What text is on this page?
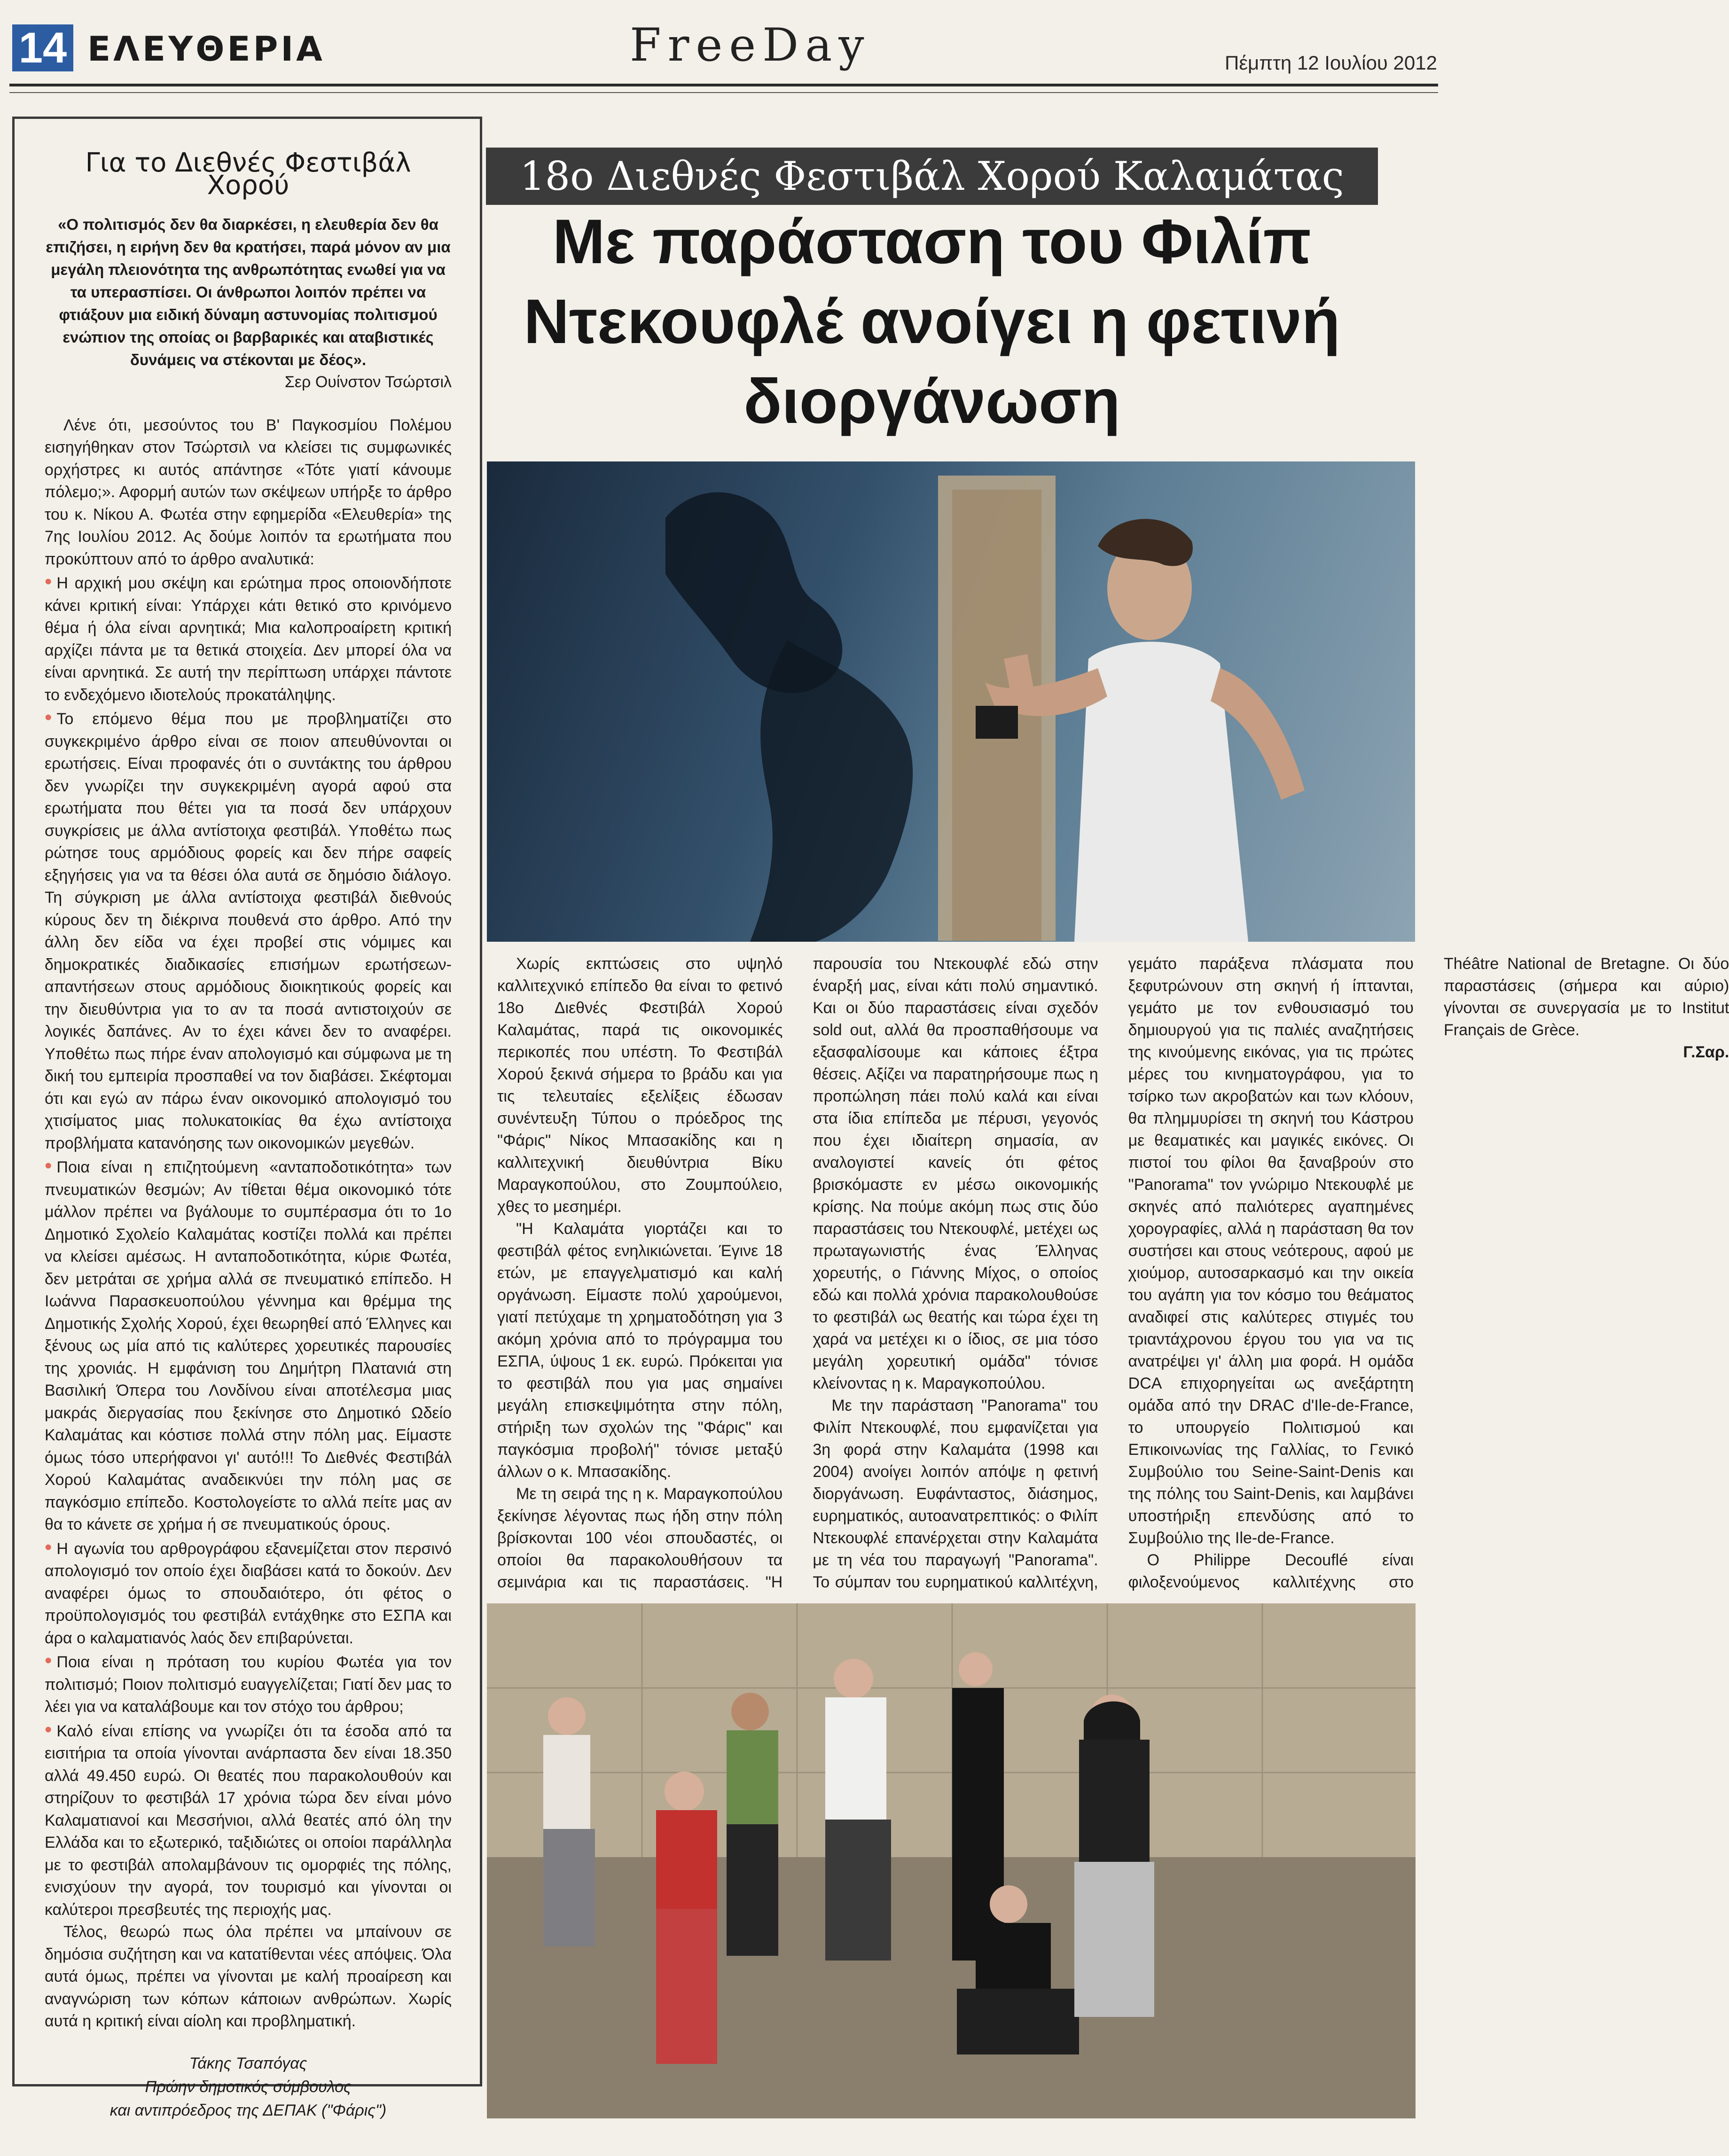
14 ΕΛΕΥΘΕΡΙΑ	FreeDay	Πέμπτη 12 Ιουλίου 2012
Για το Διεθνές Φεστιβάλ Χορού
«Ο πολιτισμός δεν θα διαρκέσει, η ελευθερία δεν θα επιζήσει, η ειρήνη δεν θα κρατήσει, παρά μόνον αν μια μεγάλη πλειονότητα της ανθρωπότητας ενωθεί για να τα υπερασπίσει. Οι άνθρωποι λοιπόν πρέπει να φτιάξουν μια ειδική δύναμη αστυνομίας πολιτισμού ενώπιον της οποίας οι βαρβαρικές και αταβιστικές δυνάμεις να στέκονται με δέος».
Σερ Ουίνστον Τσώρτσιλ

Λένε ότι, μεσούντος του Β' Παγκοσμίου Πολέμου εισηγήθηκαν στον Τσώρτσιλ να κλείσει τις συμφωνικές ορχήστρες κι αυτός απάντησε «Τότε γιατί κάνουμε πόλεμο;». Αφορμή αυτών των σκέψεων υπήρξε το άρθρο του κ. Νίκου Α. Φωτέα στην εφημερίδα «Ελευθερία» της 7ης Ιουλίου 2012. Ας δούμε λοιπόν τα ερωτήματα που προκύπτουν από το άρθρο αναλυτικά:

• Η αρχική μου σκέψη και ερώτημα προς οποιονδήποτε κάνει κριτική είναι: Υπάρχει κάτι θετικό στο κρινόμενο θέμα ή όλα είναι αρνητικά; Μια καλοπροαίρετη κριτική αρχίζει πάντα με τα θετικά στοιχεία. Δεν μπορεί όλα να είναι αρνητικά. Σε αυτή την περίπτωση υπάρχει πάντοτε το ενδεχόμενο ιδιοτελούς προκατάληψης.

• Το επόμενο θέμα που με προβληματίζει στο συγκεκριμένο άρθρο είναι σε ποιον απευθύνονται οι ερωτήσεις. Είναι προφανές ότι ο συντάκτης του άρθρου δεν γνωρίζει την συγκεκριμένη αγορά αφού στα ερωτήματα που θέτει για τα ποσά δεν υπάρχουν συγκρίσεις με άλλα αντίστοιχα φεστιβάλ. Υποθέτω πως ρώτησε τους αρμόδιους φορείς και δεν πήρε σαφείς εξηγήσεις για να τα θέσει όλα αυτά σε δημόσιο διάλογο. Τη σύγκριση με άλλα αντίστοιχα φεστιβάλ διεθνούς κύρους δεν τη διέκρινα πουθενά στο άρθρο. Από την άλλη δεν είδα να έχει προβεί στις νόμιμες και δημοκρατικές διαδικασίες επισήμων ερωτήσεων-απαντήσεων στους αρμόδιους διοικητικούς φορείς και την διευθύντρια για το αν τα ποσά αντιστοιχούν σε λογικές δαπάνες. Αν το έχει κάνει δεν το αναφέρει. Υποθέτω πως πήρε έναν απολογισμό και σύμφωνα με τη δική του εμπειρία προσπαθεί να τον διαβάσει. Σκέφτομαι ότι και εγώ αν πάρω έναν οικονομικό απολογισμό του χτισίματος μιας πολυκατοικίας θα έχω αντίστοιχα προβλήματα κατανόησης των οικονομικών μεγεθών.

• Ποια είναι η επιζητούμενη «ανταποδοτικότητα» των πνευματικών θεσμών; Αν τίθεται θέμα οικονομικό τότε μάλλον πρέπει να βγάλουμε το συμπέρασμα ότι το 1ο Δημοτικό Σχολείο Καλαμάτας κοστίζει πολλά και πρέπει να κλείσει αμέσως. Η ανταποδοτικότητα, κύριε Φωτέα, δεν μετράται σε χρήμα αλλά σε πνευματικό επίπεδο. Η Ιωάννα Παρασκευοπούλου γέννημα και θρέμμα της Δημοτικής Σχολής Χορού, έχει θεωρηθεί από Έλληνες και ξένους ως μία από τις καλύτερες χορευτικές παρουσίες της χρονιάς. Η εμφάνιση του Δημήτρη Πλατανιά στη Βασιλική Όπερα του Λονδίνου είναι αποτέλεσμα μιας μακράς διεργασίας που ξεκίνησε στο Δημοτικό Ωδείο Καλαμάτας και κόστισε πολλά στην πόλη μας. Είμαστε όμως τόσο υπερήφανοι γι' αυτό!!! Το Διεθνές Φεστιβάλ Χορού Καλαμάτας αναδεικνύει την πόλη μας σε παγκόσμιο επίπεδο. Κοστολογείστε το αλλά πείτε μας αν θα το κάνετε σε χρήμα ή σε πνευματικούς όρους.

• Η αγωνία του αρθρογράφου εξανεμίζεται στον περσινό απολογισμό τον οποίο έχει διαβάσει κατά το δοκούν. Δεν αναφέρει όμως το σπουδαιότερο, ότι φέτος ο προϋπολογισμός του φεστιβάλ εντάχθηκε στο ΕΣΠΑ και άρα ο καλαματιανός λαός δεν επιβαρύνεται.

• Ποια είναι η πρόταση του κυρίου Φωτέα για τον πολιτισμό; Ποιον πολιτισμό ευαγγελίζεται; Γιατί δεν μας το λέει για να καταλάβουμε και τον στόχο του άρθρου;

• Καλό είναι επίσης να γνωρίζει ότι τα έσοδα από τα εισιτήρια τα οποία γίνονται ανάρπαστα δεν είναι 18.350 αλλά 49.450 ευρώ. Οι θεατές που παρακολουθούν και στηρίζουν το φεστιβάλ 17 χρόνια τώρα δεν είναι μόνο Καλαματιανοί και Μεσσήνιοι, αλλά θεατές από όλη την Ελλάδα και το εξωτερικό, ταξιδιώτες οι οποίοι παράλληλα με το φεστιβάλ απολαμβάνουν τις ομορφιές της πόλης, ενισχύουν την αγορά, τον τουρισμό και γίνονται οι καλύτεροι πρεσβευτές της περιοχής μας.

Τέλος, θεωρώ πως όλα πρέπει να μπαίνουν σε δημόσια συζήτηση και να κατατίθενται νέες απόψεις. Όλα αυτά όμως, πρέπει να γίνονται με καλή προαίρεση και αναγνώριση των κόπων κάποιων ανθρώπων. Χωρίς αυτά η κριτική είναι αίολη και προβληματική.

Τάκης Τσαπόγας
Πρώην δημοτικός σύμβουλος
και αντιπρόεδρος της ΔΕΠΑΚ ("Φάρις")
18ο Διεθνές Φεστιβάλ Χορού Καλαμάτας
Με παράσταση του Φιλίπ Ντεκουφλέ ανοίγει η φετινή διοργάνωση

Χωρίς εκπτώσεις στο υψηλό καλλιτεχνικό επίπεδο θα είναι το φετινό 18ο Διεθνές Φεστιβάλ Χορού Καλαμάτας, παρά τις οικονομικές περικοπές που υπέστη. Το Φεστιβάλ Χορού ξεκινά σήμερα το βράδυ και για τις τελευταίες εξελίξεις έδωσαν συνέντευξη Τύπου ο πρόεδρος της "Φάρις" Νίκος Μπασακίδης και η καλλιτεχνική διευθύντρια Βίκυ Μαραγκοπούλου, στο Ζουμπούλειο, χθες το μεσημέρι.

"Η Καλαμάτα γιορτάζει και το φεστιβάλ φέτος ενηλικιώνεται. Έγινε 18 ετών, με επαγγελματισμό και καλή οργάνωση. Είμαστε πολύ χαρούμενοι, γιατί πετύχαμε τη χρηματοδότηση για 3 ακόμη χρόνια από το πρόγραμμα του ΕΣΠΑ, ύψους 1 εκ. ευρώ. Πρόκειται για το φεστιβάλ που για μας σημαίνει μεγάλη επισκεψιμότητα στην πόλη, στήριξη των σχολών της "Φάρις" και παγκόσμια προβολή" τόνισε μεταξύ άλλων ο κ. Μπασακίδης.

Με τη σειρά της η κ. Μαραγκοπούλου ξεκίνησε λέγοντας πως ήδη στην πόλη βρίσκονται 100 νέοι σπουδαστές, οι οποίοι θα παρακολουθήσουν τα σεμινάρια και τις παραστάσεις. "Η παρουσία του Ντεκουφλέ εδώ στην έναρξή μας, είναι κάτι πολύ σημαντικό. Και οι δύο παραστάσεις είναι σχεδόν sold out, αλλά θα προσπαθήσουμε να εξασφαλίσουμε και κάποιες έξτρα θέσεις. Αξίζει να παρατηρήσουμε πως η προπώληση πάει πολύ καλά και είναι στα ίδια επίπεδα με πέρυσι, γεγονός που έχει ιδιαίτερη σημασία, αν αναλογιστεί κανείς ότι φέτος βρισκόμαστε εν μέσω οικονομικής κρίσης. Να πούμε ακόμη πως στις δύο παραστάσεις του Ντεκουφλέ, μετέχει ως πρωταγωνιστής ένας Έλληνας χορευτής, ο Γιάννης Μίχος, ο οποίος εδώ και πολλά χρόνια παρακολουθούσε το φεστιβάλ ως θεατής και τώρα έχει τη χαρά να μετέχει κι ο ίδιος, σε μια τόσο μεγάλη χορευτική ομάδα" τόνισε κλείνοντας η κ. Μαραγκοπούλου.

Με την παράσταση "Panorama" του Φιλίπ Ντεκουφλέ, που εμφανίζεται για 3η φορά στην Καλαμάτα (1998 και 2004) ανοίγει λοιπόν απόψε η φετινή διοργάνωση. Ευφάνταστος, διάσημος, ευρηματικός, αυτοανατρεπτικός: ο Φιλίπ Ντεκουφλέ επανέρχεται στην Καλαμάτα με τη νέα του παραγωγή "Panorama". Το σύμπαν του ευρηματικού καλλιτέχνη, γεμάτο παράξενα πλάσματα που ξεφυτρώνουν στη σκηνή ή ίπτανται, γεμάτο με τον ενθουσιασμό του δημιουργού για τις παλιές αναζητήσεις της κινούμενης εικόνας, για τις πρώτες μέρες του κινηματογράφου, για το τσίρκο των ακροβατών και των κλόουν, θα πλημμυρίσει τη σκηνή του Κάστρου με θεαματικές και μαγικές εικόνες. Οι πιστοί του φίλοι θα ξαναβρούν στο "Panorama" τον γνώριμο Ντεκουφλέ με σκηνές από παλιότερες αγαπημένες χορογραφίες, αλλά η παράσταση θα τον συστήσει και στους νεότερους, αφού με χιούμορ, αυτοσαρκασμό και την οικεία του αγάπη για τον κόσμο του θεάματος αναδιφεί στις καλύτερες στιγμές του τριαντάχρονου έργου του για να τις ανατρέψει γι' άλλη μια φορά. Η ομάδα DCA επιχορηγείται ως ανεξάρτητη ομάδα από την DRAC d'Ile-de-France, το υπουργείο Πολιτισμού και Επικοινωνίας της Γαλλίας, το Γενικό Συμβούλιο του Seine-Saint-Denis και της πόλης του Saint-Denis, και λαμβάνει υποστήριξη επενδύσης από το Συμβούλιο της Ile-de-France.

Ο Philippe Decouflé είναι φιλοξενούμενος καλλιτέχνης στο Théâtre National de Bretagne. Οι δύο παραστάσεις (σήμερα και αύριο) γίνονται σε συνεργασία με το Institut Français de Grèce.

Γ.Σαρ.
